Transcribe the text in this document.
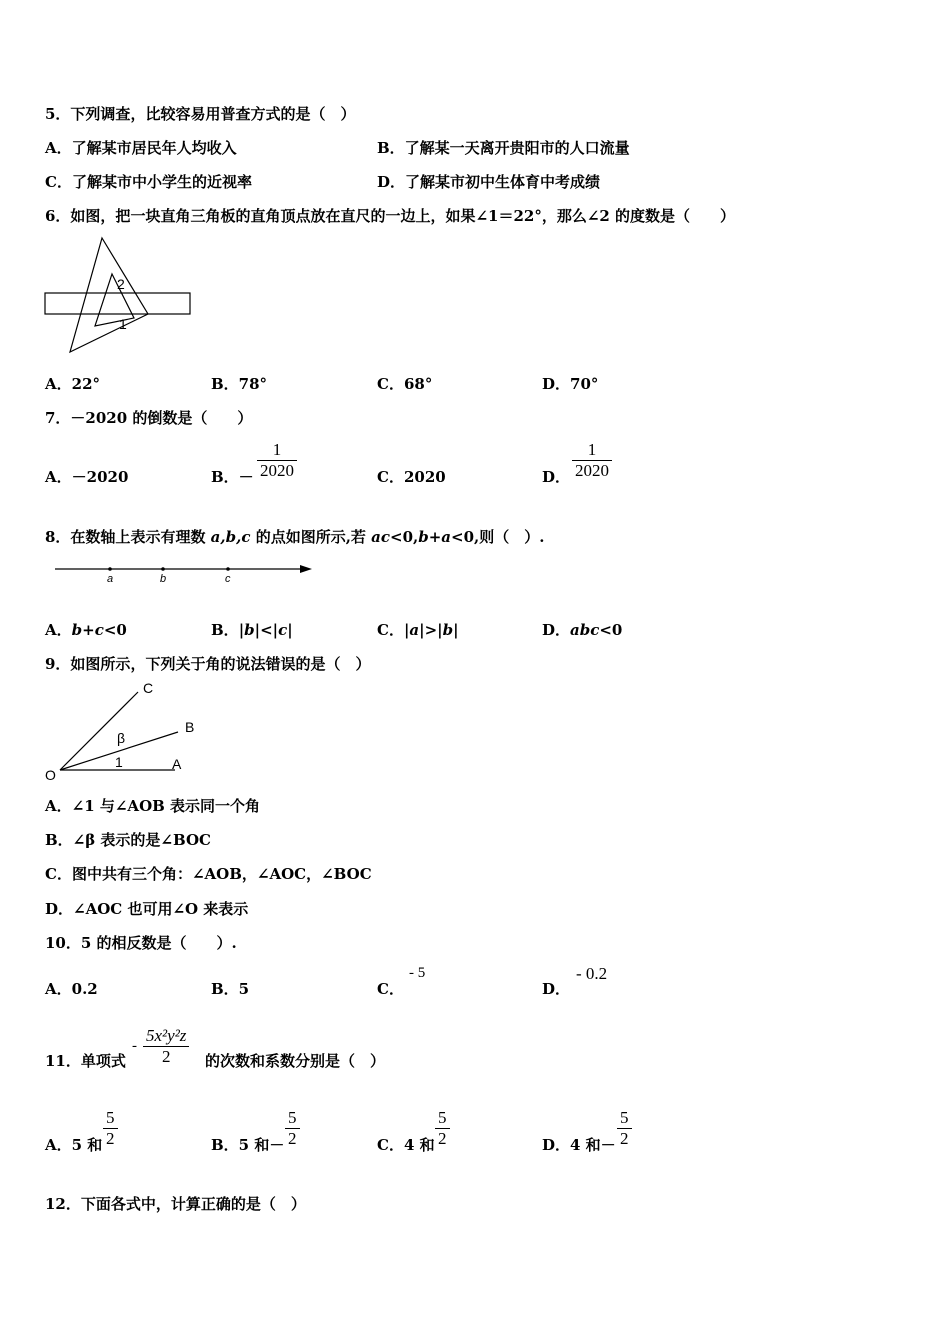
5．下列调查，比较容易用普查方式的是（　）
A．了解某市居民年人均收入	B．了解某一天离开贵阳市的人口流量
C．了解某市中小学生的近视率	D．了解某市初中生体育中考成绩
6．如图，把一块直角三角板的直角顶点放在直尺的一边上，如果∠1＝22°，那么∠2 的度数是（　　）
2
1
A．22°	B．78°	C．68°	D．70°
7．－2020 的倒数是（　　）
A．－2020	B．－
1
2020	C．2020	D．
1
2020
8．在数轴上表示有理数 a,b,c 的点如图所示,若 ac<0,b+a<0,则（　）.
a	b	c
A．b+c<0	B．|b|<|c|	C．|a|>|b|	D．abc<0
9．如图所示，下列关于角的说法错误的是（　）
C
B
β
1	A
O
A．∠1 与∠AOB 表示同一个角
B．∠β 表示的是∠BOC
C．图中共有三个角：∠AOB，∠AOC，∠BOC
D．∠AOC 也可用∠O 来表示
10．5 的相反数是（　　）.
A．0.2	B．5	C．
- 5
D．
- 0.2
11．单项式
-
5x²y²z
2	的次数和系数分别是（　）
A．5 和
5
2	B．5 和－
5
2	C．4 和
5
2	D．4 和－
5
2
12．下面各式中，计算正确的是（　）
